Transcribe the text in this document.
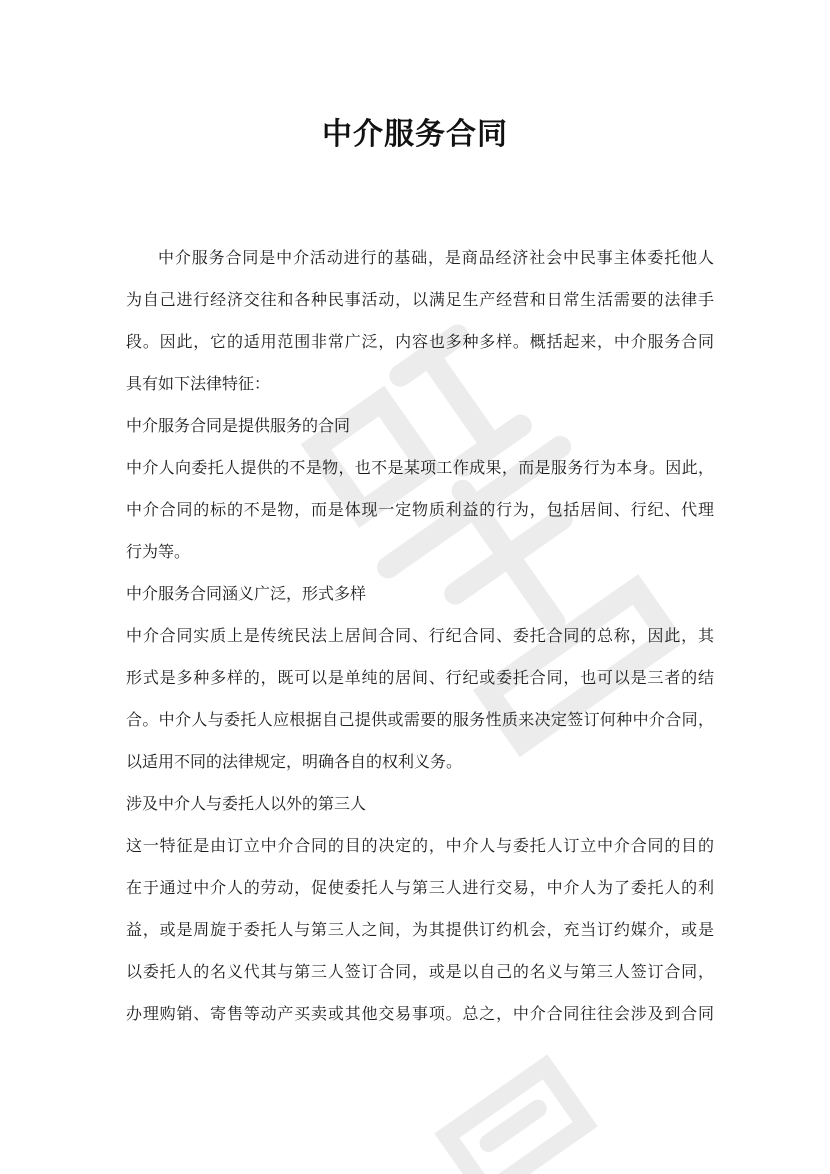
中介服务合同
中介服务合同是中介活动进行的基础，是商品经济社会中民事主体委托他人
为自己进行经济交往和各种民事活动，以满足生产经营和日常生活需要的法律手
段。因此，它的适用范围非常广泛，内容也多种多样。概括起来，中介服务合同
具有如下法律特征：
中介服务合同是提供服务的合同
中介人向委托人提供的不是物，也不是某项工作成果，而是服务行为本身。因此，
中介合同的标的不是物，而是体现一定物质利益的行为，包括居间、行纪、代理
行为等。
中介服务合同涵义广泛，形式多样
中介合同实质上是传统民法上居间合同、行纪合同、委托合同的总称，因此，其
形式是多种多样的，既可以是单纯的居间、行纪或委托合同，也可以是三者的结
合。中介人与委托人应根据自己提供或需要的服务性质来决定签订何种中介合同，
以适用不同的法律规定，明确各自的权利义务。
涉及中介人与委托人以外的第三人
这一特征是由订立中介合同的目的决定的，中介人与委托人订立中介合同的目的
在于通过中介人的劳动，促使委托人与第三人进行交易，中介人为了委托人的利
益，或是周旋于委托人与第三人之间，为其提供订约机会，充当订约媒介，或是
以委托人的名义代其与第三人签订合同，或是以自己的名义与第三人签订合同，
办理购销、寄售等动产买卖或其他交易事项。总之，中介合同往往会涉及到合同
